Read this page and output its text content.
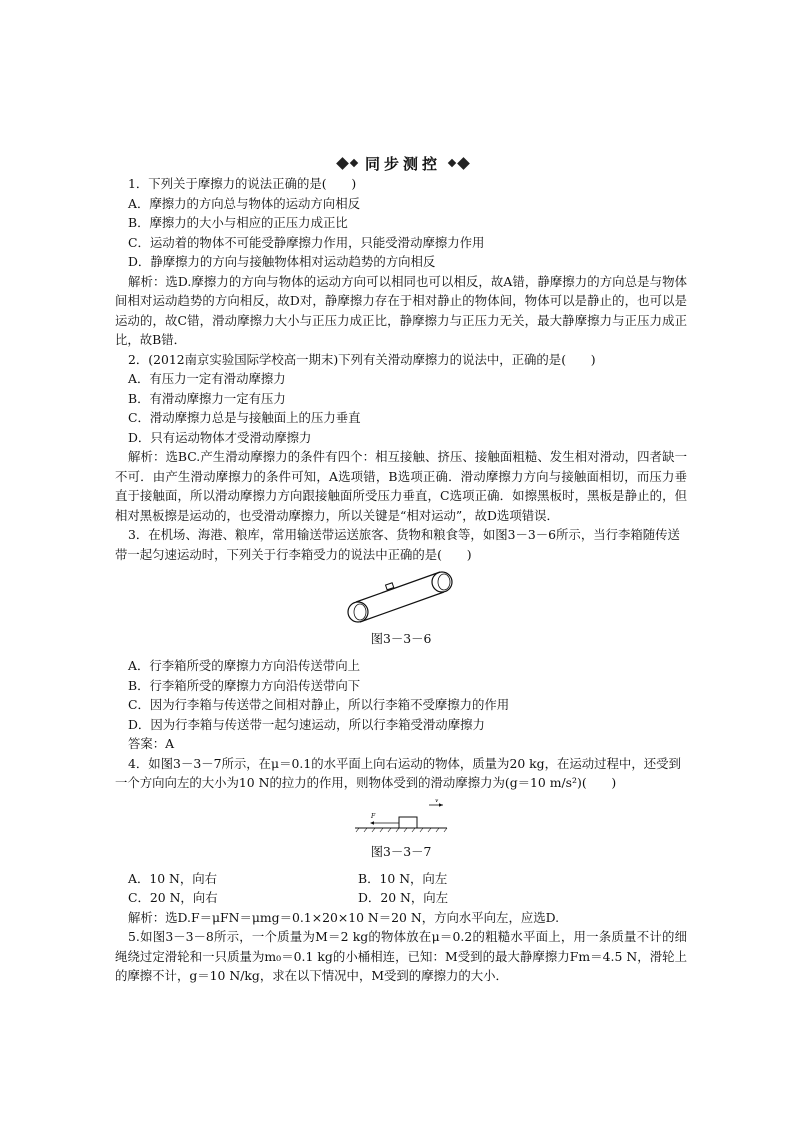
同步测控

1．下列关于摩擦力的说法正确的是(　　)

A．摩擦力的方向总与物体的运动方向相反

B．摩擦力的大小与相应的正压力成正比

C．运动着的物体不可能受静摩擦力作用，只能受滑动摩擦力作用

D．静摩擦力的方向与接触物体相对运动趋势的方向相反

解析：选D.摩擦力的方向与物体的运动方向可以相同也可以相反，故A错，静摩擦力的方向总是与物体间相对运动趋势的方向相反，故D对，静摩擦力存在于相对静止的物体间，物体可以是静止的，也可以是运动的，故C错，滑动摩擦力大小与正压力成正比，静摩擦力与正压力无关，最大静摩擦力与正压力成正比，故B错．

2．(2012南京实验国际学校高一期末)下列有关滑动摩擦力的说法中，正确的是(　　)

A．有压力一定有滑动摩擦力

B．有滑动摩擦力一定有压力

C．滑动摩擦力总是与接触面上的压力垂直

D．只有运动物体才受滑动摩擦力

解析：选BC.产生滑动摩擦力的条件有四个：相互接触、挤压、接触面粗糙、发生相对滑动，四者缺一不可．由产生滑动摩擦力的条件可知，A选项错，B选项正确．滑动摩擦力方向与接触面相切，而压力垂直于接触面，所以滑动摩擦力方向跟接触面所受压力垂直，C选项正确．如擦黑板时，黑板是静止的，但相对黑板擦是运动的，也受滑动摩擦力，所以关键是“相对运动”，故D选项错误．

3．在机场、海港、粮库，常用输送带运送旅客、货物和粮食等，如图3－3－6所示，当行李箱随传送带一起匀速运动时，下列关于行李箱受力的说法中正确的是(　　)

图3－3－6

A．行李箱所受的摩擦力方向沿传送带向上

B．行李箱所受的摩擦力方向沿传送带向下

C．因为行李箱与传送带之间相对静止，所以行李箱不受摩擦力的作用

D．因为行李箱与传送带一起匀速运动，所以行李箱受滑动摩擦力

答案：A

4．如图3－3－7所示，在μ＝0.1的水平面上向右运动的物体，质量为20 kg，在运动过程中，还受到一个方向向左的大小为10 N的拉力的作用，则物体受到的滑动摩擦力为(g＝10 m/s²)(　　)

v
F
图3－3－7
A．10 N，向右	B．10 N，向左
C．20 N，向右	D．20 N，向左

解析：选D.F＝μFN＝μmg＝0.1×20×10 N＝20 N，方向水平向左，应选D.

5.如图3－3－8所示，一个质量为M＝2 kg的物体放在μ＝0.2的粗糙水平面上，用一条质量不计的细绳绕过定滑轮和一只质量为m₀＝0.1 kg的小桶相连，已知：M受到的最大静摩擦力Fm＝4.5 N，滑轮上的摩擦不计，g＝10 N/kg，求在以下情况中，M受到的摩擦力的大小．
